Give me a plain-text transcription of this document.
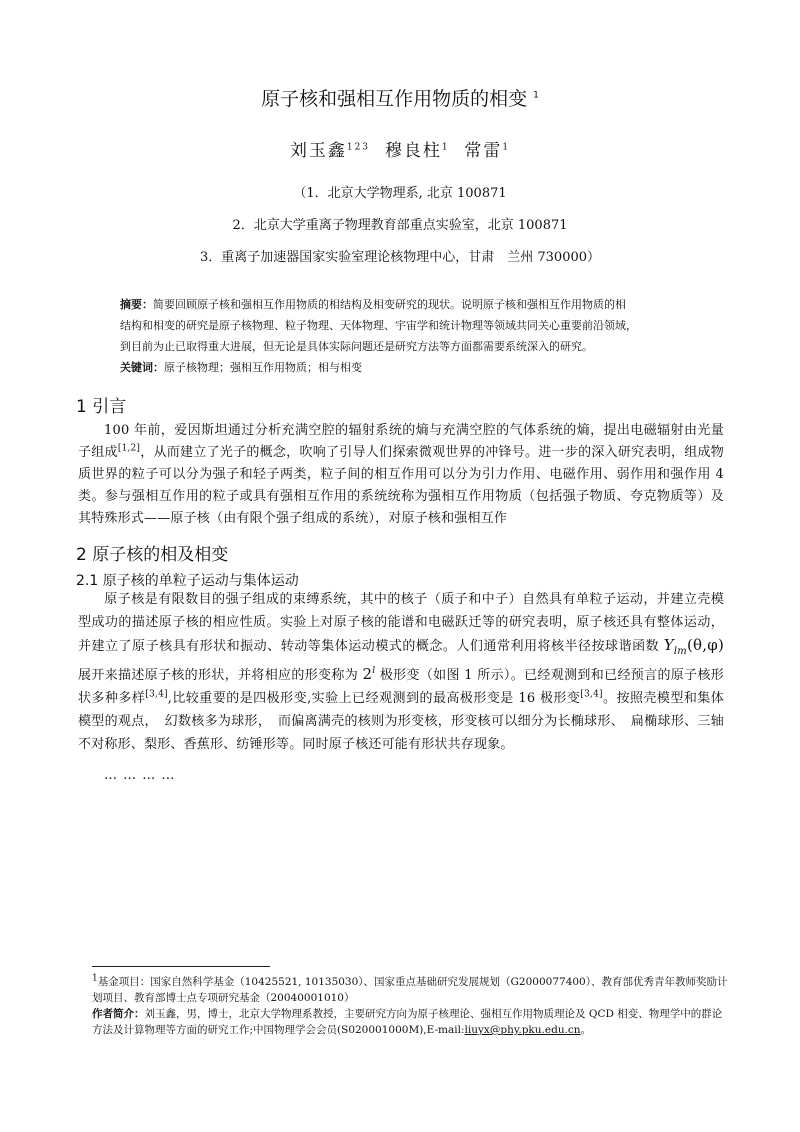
原子核和强相互作用物质的相变 $^1$
刘玉鑫$^{123}$ 穆良柱$^1$ 常雷$^1$
（1．北京大学物理系, 北京 100871
2．北京大学重离子物理教育部重点实验室，北京 100871
3．重离子加速器国家实验室理论核物理中心，甘肃　兰州 730000）
摘要：简要回顾原子核和强相互作用物质的相结构及相变研究的现状。说明原子核和强相互作用物质的相
结构和相变的研究是原子核物理、粒子物理、天体物理、宇宙学和统计物理等领域共同关心重要前沿领域，
到目前为止已取得重大进展，但无论是具体实际问题还是研究方法等方面都需要系统深入的研究。
关键词：原子核物理；强相互作用物质；相与相变
1 引言
100 年前，爱因斯坦通过分析充满空腔的辐射系统的熵与充满空腔的气体系统的熵，提出电磁辐射由光量子组成[1,2]，从而建立了光子的概念，吹响了引导人们探索微观世界的冲锋号。进一步的深入研究表明，组成物质世界的粒子可以分为强子和轻子两类，粒子间的相互作用可以分为引力作用、电磁作用、弱作用和强作用 4 类。参与强相互作用的粒子或具有强相互作用的系统统称为强相互作用物质（包括强子物质、夸克物质等）及其特殊形式——原子核（由有限个强子组成的系统），对原子核和强相互作
2 原子核的相及相变
2.1 原子核的单粒子运动与集体运动
原子核是有限数目的强子组成的束缚系统，其中的核子（质子和中子）自然具有单粒子运动，并建立壳模型成功的描述原子核的相应性质。实验上对原子核的能谱和电磁跃迁等的研究表明，原子核还具有整体运动，并建立了原子核具有形状和振动、转动等集体运动模式的概念。人们通常利用将核半径按球谐函数 $Y_{lm}(\theta,\varphi)$ 展开来描述原子核的形状，并将相应的形变称为 2$^l$ 极形变（如图 1 所示）。已经观测到和已经预言的原子核形状多种多样[3,4],比较重要的是四极形变,实验上已经观测到的最高极形变是 16 极形变[3,4]。按照壳模型和集体模型的观点，　幻数核多为球形，　而偏离满壳的核则为形变核，形变核可以细分为长椭球形、　扁椭球形、三轴不对称形、梨形、香蕉形、纺锤形等。同时原子核还可能有形状共存现象。
… … … …
$^1$基金项目：国家自然科学基金（10425521, 10135030）、国家重点基础研究发展规划（G2000077400）、教育部优秀青年教师奖励计划项目、教育部博士点专项研究基金（20040001010）
作者简介：刘玉鑫，男，博士，北京大学物理系教授，主要研究方向为原子核理论、强相互作用物质理论及 QCD 相变、物理学中的群论方法及计算物理等方面的研究工作;中国物理学会会员(S020001000M),E-mail:liuyx@phy.pku.edu.cn。
